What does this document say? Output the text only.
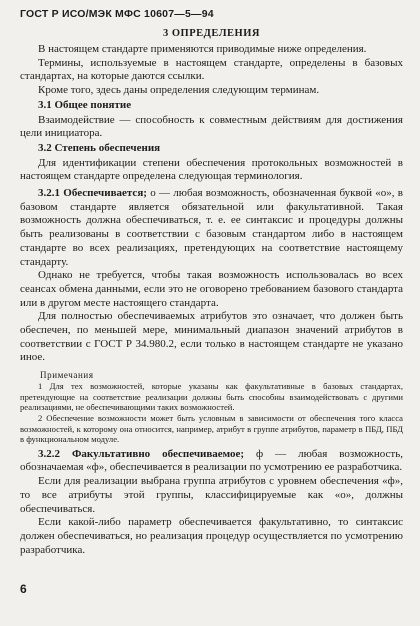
ГОСТ Р ИСО/МЭК МФС 10607—5—94
3 ОПРЕДЕЛЕНИЯ

В настоящем стандарте применяются приводимые ниже определения.

Термины, используемые в настоящем стандарте, определены в базовых стандартах, на которые даются ссылки.

Кроме того, здесь даны определения следующим терминам.

3.1 Общее понятие

Взаимодействие — способность к совместным действиям для достижения цели инициатора.

3.2 Степень обеспечения

Для идентификации степени обеспечения протокольных возможностей в настоящем стандарте определена следующая терминология.

3.2.1 Обеспечивается; о — любая возможность, обозначенная буквой «о», в базовом стандарте является обязательной или факультативной. Такая возможность должна обеспечиваться, т. е. ее синтаксис и процедуры должны быть реализованы в соответствии с базовым стандартом либо в настоящем стандарте во всех реализациях, претендующих на соответствие настоящему стандарту.

Однако не требуется, чтобы такая возможность использовалась во всех сеансах обмена данными, если это не оговорено требованием базового стандарта или в другом месте настоящего стандарта.

Для полностью обеспечиваемых атрибутов это означает, что должен быть обеспечен, по меньшей мере, минимальный диапазон значений атрибутов в соответствии с ГОСТ Р 34.980.2, если только в настоящем стандарте не указано иное.

Примечания

1 Для тех возможностей, которые указаны как факультативные в базовых стандартах, претендующие на соответствие реализации должны быть способны взаимодействовать с другими реализациями, не обеспечивающими таких возможностей.

2 Обеспечение возможности может быть условным в зависимости от обеспечения того класса возможностей, к которому она относится, например, атрибут в группе атрибутов, параметр в ПБД, ПБД в функциональном модуле.

3.2.2 Факультативно обеспечиваемое; ф — любая возможность, обозначаемая «ф», обеспечивается в реализации по усмотрению ее разработчика.

Если для реализации выбрана группа атрибутов с уровнем обеспечения «ф», то все атрибуты этой группы, классифицируемые как «о», должны обеспечиваться.

Если какой-либо параметр обеспечивается факультативно, то синтаксис должен обеспечиваться, но реализация процедур осуществляется по усмотрению разработчика.

6
